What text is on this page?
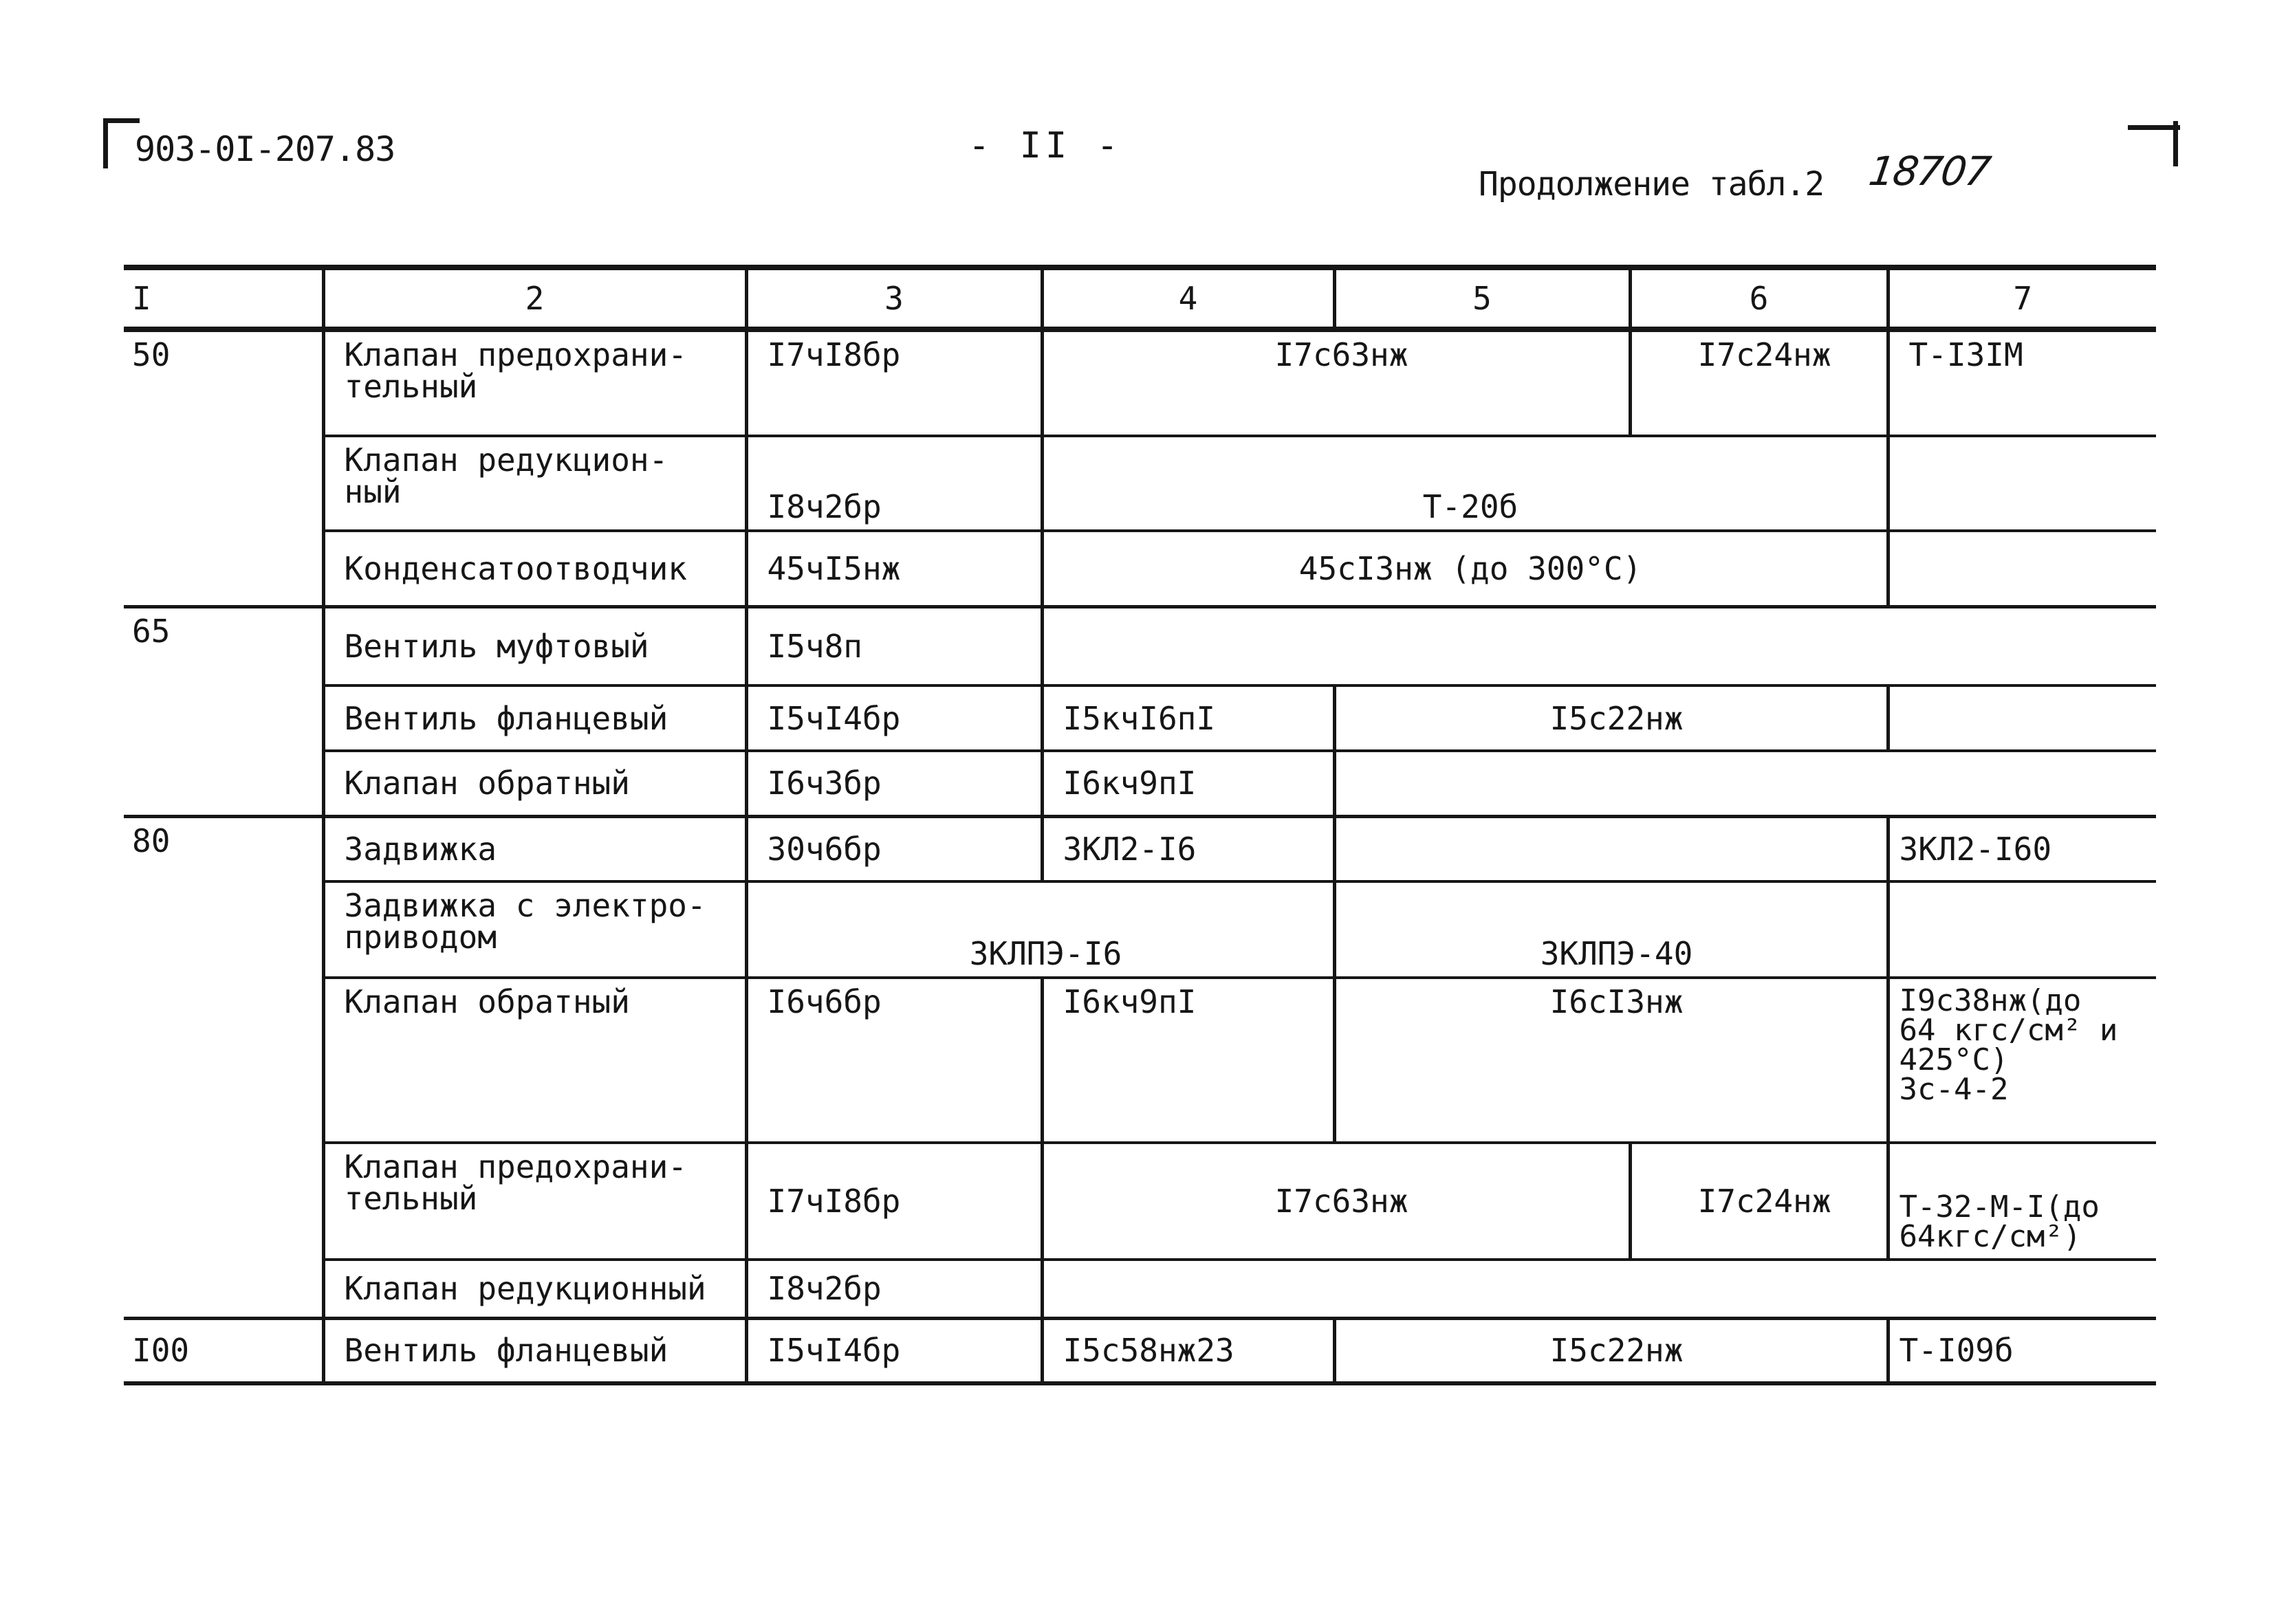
903-0I-207.83	- II -
Продолжение табл.2 18707
I	2	3	4	5	6	7
50	Клапан предохрани-
тельный	I7чI8бр	I7с63нж		I7с24нж	Т-I3IМ
	Клапан редукцион-
ный	I8ч2бр	Т-20б			
	Конденсатоотводчик	45чI5нж	45сI3нж (до 300°С)			
65	Вентиль муфтовый	I5ч8п				
	Вентиль фланцевый	I5чI4бр	I5кчI6пI	I5с22нж		
	Клапан обратный	I6ч3бр	I6кч9пI			
80	Задвижка	30ч6бр	3КЛ2-I6			3КЛ2-I60
	Задвижка с электро-
приводом	3КЛПЭ-I6		3КЛПЭ-40		
	Клапан обратный	I6ч6бр	I6кч9пI	I6сI3нж		I9с38нж(до
64 кгс/см² и
425°С)
3с-4-2
	Клапан предохрани-
тельный	I7чI8бр	I7с63нж		I7с24нж	Т-32-М-I(до
64кгс/см²)
	Клапан редукционный	I8ч2бр				
I00	Вентиль фланцевый	I5чI4бр	I5с58нж23	I5с22нж		Т-I09б
